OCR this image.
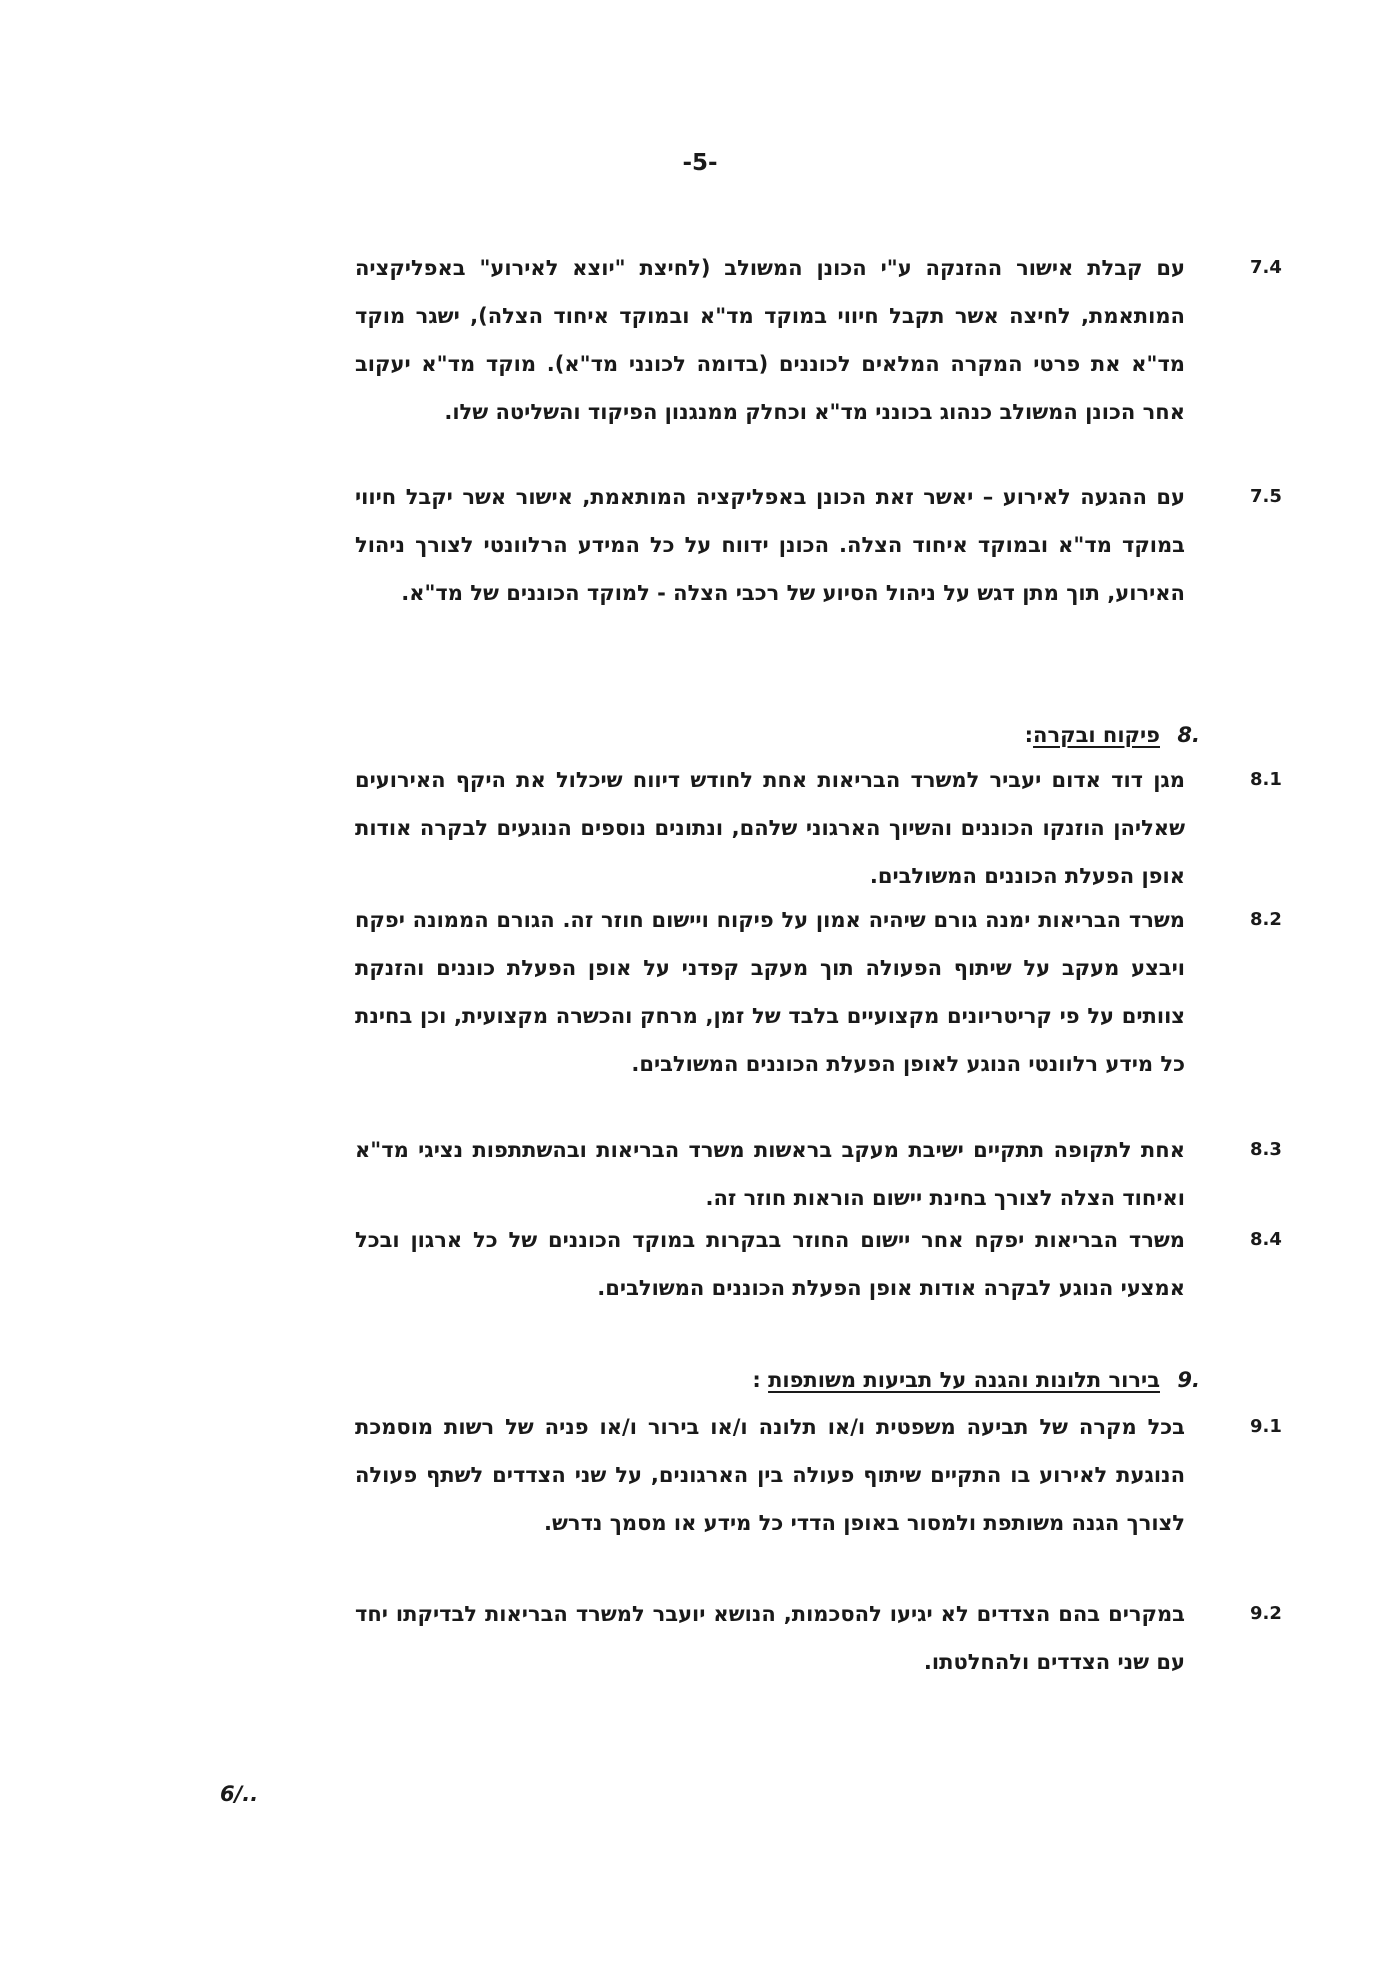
-5-

7.4

עם קבלת אישור ההזנקה ע"י הכונן המשולב (לחיצת "יוצא לאירוע" באפליקציה המותאמת, לחיצה אשר תקבל חיווי במוקד מד"א ובמוקד איחוד הצלה), ישגר מוקד מד"א את פרטי המקרה המלאים לכוננים (בדומה לכונני מד"א). מוקד מד"א יעקוב אחר הכונן המשולב כנהוג בכונני מד"א וכחלק ממנגנון הפיקוד והשליטה שלו.

7.5

עם ההגעה לאירוע – יאשר זאת הכונן באפליקציה המותאמת, אישור אשר יקבל חיווי במוקד מד"א ובמוקד איחוד הצלה. הכונן ידווח על כל המידע הרלוונטי לצורך ניהול האירוע, תוך מתן דגש על ניהול הסיוע של רכבי הצלה - למוקד הכוננים של מד"א.

8.
פיקוח ובקרה:
8.1

מגן דוד אדום יעביר למשרד הבריאות אחת לחודש דיווח שיכלול את היקף האירועים שאליהן הוזנקו הכוננים והשיוך הארגוני שלהם, ונתונים נוספים הנוגעים לבקרה אודות אופן הפעלת הכוננים המשולבים.

8.2

משרד הבריאות ימנה גורם שיהיה אמון על פיקוח ויישום חוזר זה. הגורם הממונה יפקח ויבצע מעקב על שיתוף הפעולה תוך מעקב קפדני על אופן הפעלת כוננים והזנקת צוותים על פי קריטריונים מקצועיים בלבד של זמן, מרחק והכשרה מקצועית, וכן בחינת כל מידע רלוונטי הנוגע לאופן הפעלת הכוננים המשולבים.

8.3

אחת לתקופה תתקיים ישיבת מעקב בראשות משרד הבריאות ובהשתתפות נציגי מד"א ואיחוד הצלה לצורך בחינת יישום הוראות חוזר זה.

8.4

משרד הבריאות יפקח אחר יישום החוזר בבקרות במוקד הכוננים של כל ארגון ובכל אמצעי הנוגע לבקרה אודות אופן הפעלת הכוננים המשולבים.

9.
בירור תלונות והגנה על תביעות משותפות :
9.1

בכל מקרה של תביעה משפטית ו/או תלונה ו/או בירור ו/או פניה של רשות מוסמכת הנוגעת לאירוע בו התקיים שיתוף פעולה בין הארגונים, על שני הצדדים לשתף פעולה לצורך הגנה משותפת ולמסור באופן הדדי כל מידע או מסמך נדרש.

9.2

במקרים בהם הצדדים לא יגיעו להסכמות, הנושא יועבר למשרד הבריאות לבדיקתו יחד עם שני הצדדים ולהחלטתו.

6/..
